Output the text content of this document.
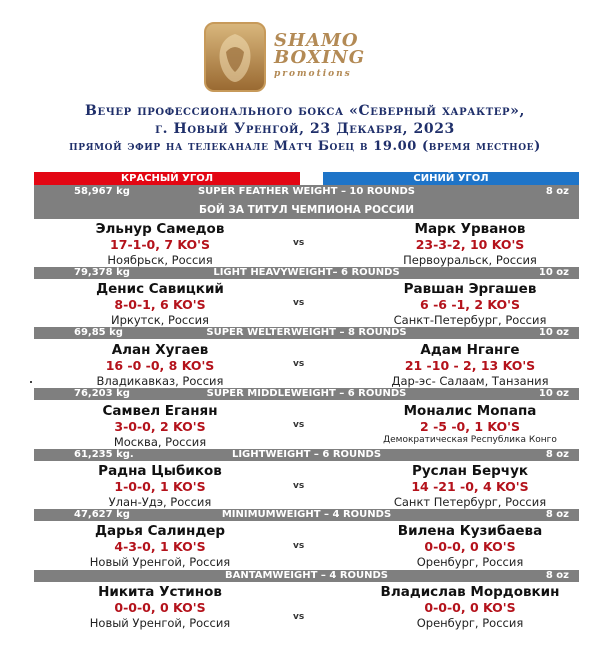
SHAMO
BOXING
promotions
Вечер профессионального бокса «Северный характер»,
г. Новый Уренгой, 23 Декабря, 2023
прямой эфир на телеканале Матч Боец в 19.00 (время местное)
КРАСНЫЙ УГОЛ	СИНИЙ УГОЛ
58,967 kg	SUPER FEATHER WEIGHT – 10 ROUNDS	8 oz
БОЙ ЗА ТИТУЛ ЧЕМПИОНА РОССИИ
Эльнур Самедов
17-1-0, 7 KO'S
Ноябрьск, Россия
vs
Марк Урванов
23-3-2, 10 KO'S
Первоуральск, Россия
79,378 kg	LIGHT HEAVYWEIGHT– 6 ROUNDS	10 oz
Денис Савицкий
8-0-1, 6 KO'S
Иркутск, Россия
vs
Равшан Эргашев
6 -6 -1, 2 KO'S
Санкт-Петербург, Россия
69,85 kg	SUPER WELTERWEIGHT – 8 ROUNDS	10 oz
Алан Хугаев
16 -0 -0, 8 KO'S
Владикавказ, Россия
vs
Адам Нганге
21 -10 - 2, 13 KO'S
Дар-эс- Салаам, Танзания
76,203 kg	SUPER MIDDLEWEIGHT – 6 ROUNDS	10 oz
Самвел Еганян
3-0-0, 2 KO'S
Москва, Россия
vs
Моналис Мопапа
2 -5 -0, 1 KO'S
Демократическая Республика Конго
61,235 kg.	LIGHTWEIGHT – 6 ROUNDS	8 oz
Радна Цыбиков
1-0-0, 1 KO'S
Улан-Удэ, Россия
vs
Руслан Берчук
14 -21 -0, 4 KO'S
Санкт Петербург, Россия
47,627 kg	MINIMUMWEIGHT – 4 ROUNDS	8 oz
Дарья Салиндер
4-3-0, 1 KO'S
Новый Уренгой, Россия
vs
Вилена Кузибаева
0-0-0, 0 KO'S
Оренбург, Россия
BANTAMWEIGHT – 4 ROUNDS	8 oz
Никита Устинов
0-0-0, 0 KO'S
Новый Уренгой, Россия	vs
Владислав Мордовкин
0-0-0, 0 KO'S
Оренбург, Россия
